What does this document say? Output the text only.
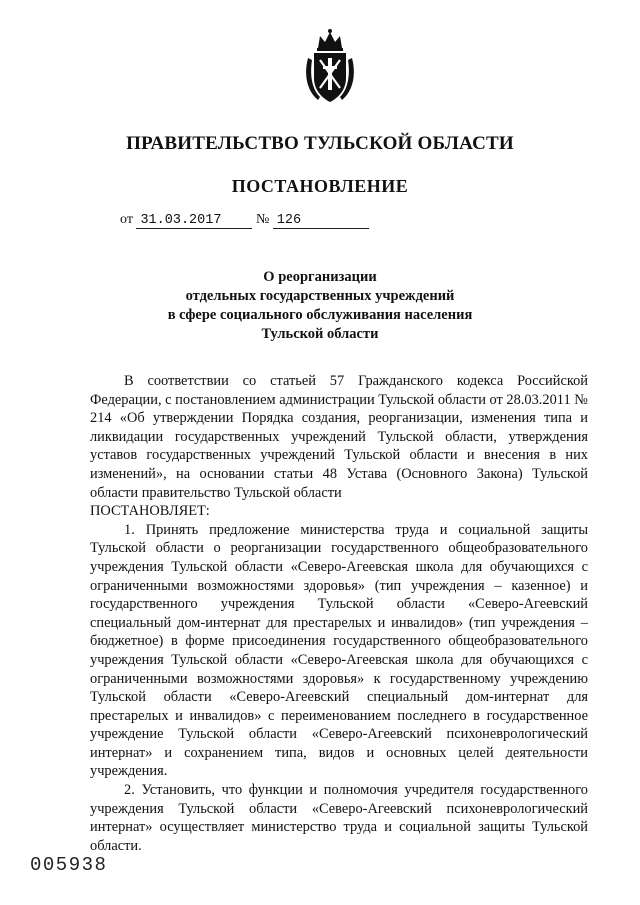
ПРАВИТЕЛЬСТВО ТУЛЬСКОЙ ОБЛАСТИ
ПОСТАНОВЛЕНИЕ
от 31.03.2017 № 126
О реорганизации
отдельных государственных учреждений
в сфере социального обслуживания населения
Тульской области

В соответствии со статьей 57 Гражданского кодекса Российской Федерации, с постановлением администрации Тульской области от 28.03.2011 № 214 «Об утверждении Порядка создания, реорганизации, изменения типа и ликвидации государственных учреждений Тульской области, утверждения уставов государственных учреждений Тульской области и внесения в них изменений», на основании статьи 48 Устава (Основного Закона) Тульской области правительство Тульской области

ПОСТАНОВЛЯЕТ:

1. Принять предложение министерства труда и социальной защиты Тульской области о реорганизации государственного общеобразовательного учреждения Тульской области «Северо-Агеевская школа для обучающихся с ограниченными возможностями здоровья» (тип учреждения – казенное) и государственного учреждения Тульской области «Северо-Агеевский специальный дом-интернат для престарелых и инвалидов» (тип учреждения – бюджетное) в форме присоединения государственного общеобразовательного учреждения Тульской области «Северо-Агеевская школа для обучающихся с ограниченными возможностями здоровья» к государственному учреждению Тульской области «Северо-Агеевский специальный дом-интернат для престарелых и инвалидов» с переименованием последнего в государственное учреждение Тульской области «Северо-Агеевский психоневрологический интернат» и сохранением типа, видов и основных целей деятельности учреждения.

2. Установить, что функции и полномочия учредителя государственного учреждения Тульской области «Северо-Агеевский психоневрологический интернат» осуществляет министерство труда и социальной защиты Тульской области.

005938
